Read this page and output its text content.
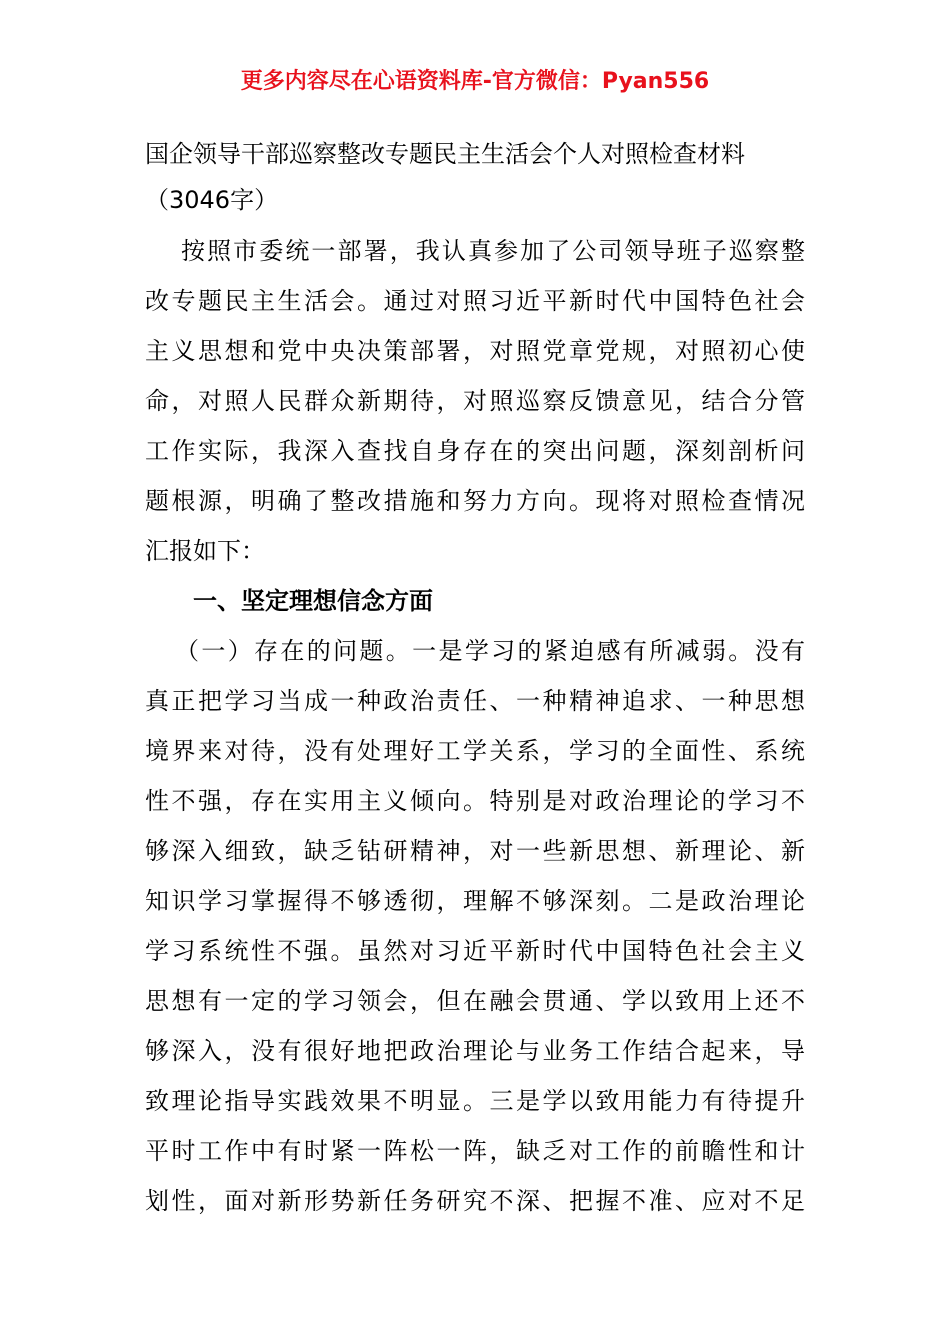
更多内容尽在心语资料库-官方微信：Pyan556
国企领导干部巡察整改专题民主生活会个人对照检查材料
（3046字）
按照市委统一部署，我认真参加了公司领导班子巡察整
改专题民主生活会。通过对照习近平新时代中国特色社会
主义思想和党中央决策部署，对照党章党规，对照初心使
命，对照人民群众新期待，对照巡察反馈意见，结合分管
工作实际，我深入查找自身存在的突出问题，深刻剖析问
题根源，明确了整改措施和努力方向。现将对照检查情况
汇报如下：
一、坚定理想信念方面
（一）存在的问题。一是学习的紧迫感有所减弱。没有
真正把学习当成一种政治责任、一种精神追求、一种思想
境界来对待，没有处理好工学关系，学习的全面性、系统
性不强，存在实用主义倾向。特别是对政治理论的学习不
够深入细致，缺乏钻研精神，对一些新思想、新理论、新
知识学习掌握得不够透彻，理解不够深刻。二是政治理论
学习系统性不强。虽然对习近平新时代中国特色社会主义
思想有一定的学习领会，但在融会贯通、学以致用上还不
够深入，没有很好地把政治理论与业务工作结合起来，导
致理论指导实践效果不明显。三是学以致用能力有待提升
平时工作中有时紧一阵松一阵，缺乏对工作的前瞻性和计
划性，面对新形势新任务研究不深、把握不准、应对不足
